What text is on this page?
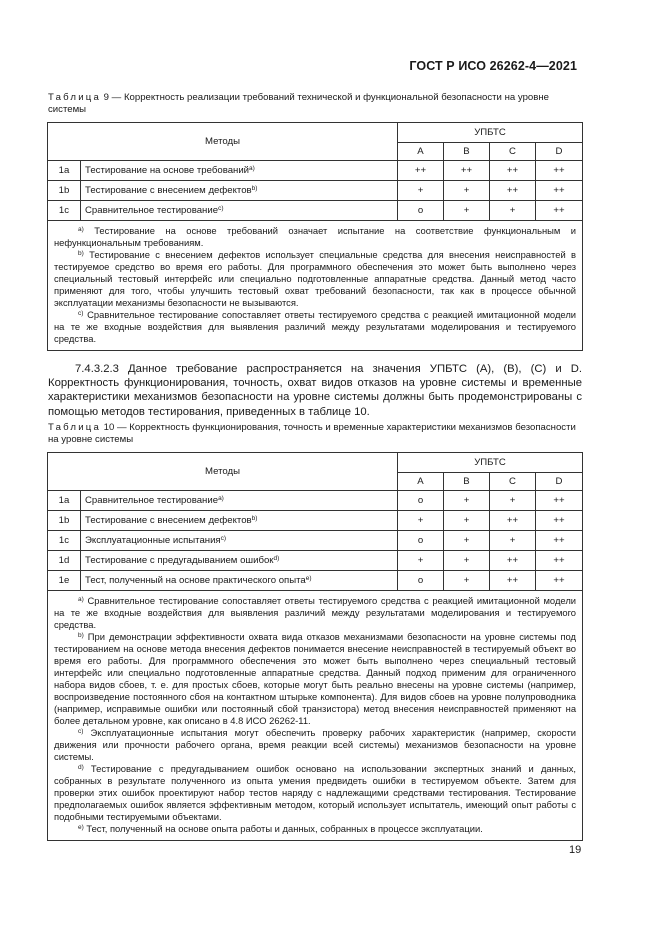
ГОСТ Р ИСО 26262-4—2021
Таблица 9 — Корректность реализации требований технической и функциональной безопасности на уровне системы
Методы		УПБТС			
		A	B	C	D
1a	Тестирование на основе требований$^{a)}$	++	++	++	++
1b	Тестирование с внесением дефектов$^{b)}$	+	+	++	++
1c	Сравнительное тестирование$^{c)}$	о	+	+	++

$^{a)}$ Тестирование на основе требований означает испытание на соответствие функциональным и нефункциональным требованиям.

$^{b)}$ Тестирование с внесением дефектов использует специальные средства для внесения неисправностей в тестируемое средство во время его работы. Для программного обеспечения это может быть выполнено через специальный тестовый интерфейс или специально подготовленные аппаратные средства. Данный метод часто применяют для того, чтобы улучшить тестовый охват требований безопасности, так как в процессе обычной эксплуатации механизмы безопасности не вызываются.

$^{c)}$ Сравнительное тестирование сопоставляет ответы тестируемого средства с реакцией имитационной модели на те же входные воздействия для выявления различий между результатами моделирования и тестируемого средства.					

7.4.3.2.3 Данное требование распространяется на значения УПБТС (А), (В), (С) и D. Корректность функционирования, точность, охват видов отказов на уровне системы и временные характеристики механизмов безопасности на уровне системы должны быть продемонстрированы с помощью методов тестирования, приведенных в таблице 10.

Таблица 10 — Корректность функционирования, точность и временные характеристики механизмов безопасности на уровне системы
Методы		УПБТС			
		A	B	C	D
1a	Сравнительное тестирование$^{a)}$	о	+	+	++
1b	Тестирование с внесением дефектов$^{b)}$	+	+	++	++
1c	Эксплуатационные испытания$^{c)}$	о	+	+	++
1d	Тестирование с предугадыванием ошибок$^{d)}$	+	+	++	++
1e	Тест, полученный на основе практического опыта$^{e)}$	о	+	++	++

$^{a)}$ Сравнительное тестирование сопоставляет ответы тестируемого средства с реакцией имитационной модели на те же входные воздействия для выявления различий между результатами моделирования и тестируемого средства.

$^{b)}$ При демонстрации эффективности охвата вида отказов механизмами безопасности на уровне системы под тестированием на основе метода внесения дефектов понимается внесение неисправностей в тестируемый объект во время его работы. Для программного обеспечения это может быть выполнено через специальный тестовый интерфейс или специально подготовленные аппаратные средства. Данный подход применим для ограниченного набора видов сбоев, т. е. для простых сбоев, которые могут быть реально внесены на уровне системы (например, воспроизведение постоянного сбоя на контактном штырьке компонента). Для видов сбоев на уровне полупроводника (например, исправимые ошибки или постоянный сбой транзистора) метод внесения неисправностей применяют на более детальном уровне, как описано в 4.8 ИСО 26262-11.

$^{c)}$ Эксплуатационные испытания могут обеспечить проверку рабочих характеристик (например, скорости движения или прочности рабочего органа, время реакции всей системы) механизмов безопасности на уровне системы.

$^{d)}$ Тестирование с предугадыванием ошибок основано на использовании экспертных знаний и данных, собранных в результате полученного из опыта умения предвидеть ошибки в тестируемом объекте. Затем для проверки этих ошибок проектируют набор тестов наряду с надлежащими средствами тестирования. Тестирование предполагаемых ошибок является эффективным методом, который использует испытатель, имеющий опыт работы с подобными тестируемыми объектами.

$^{e)}$ Тест, полученный на основе опыта работы и данных, собранных в процессе эксплуатации.					

19
